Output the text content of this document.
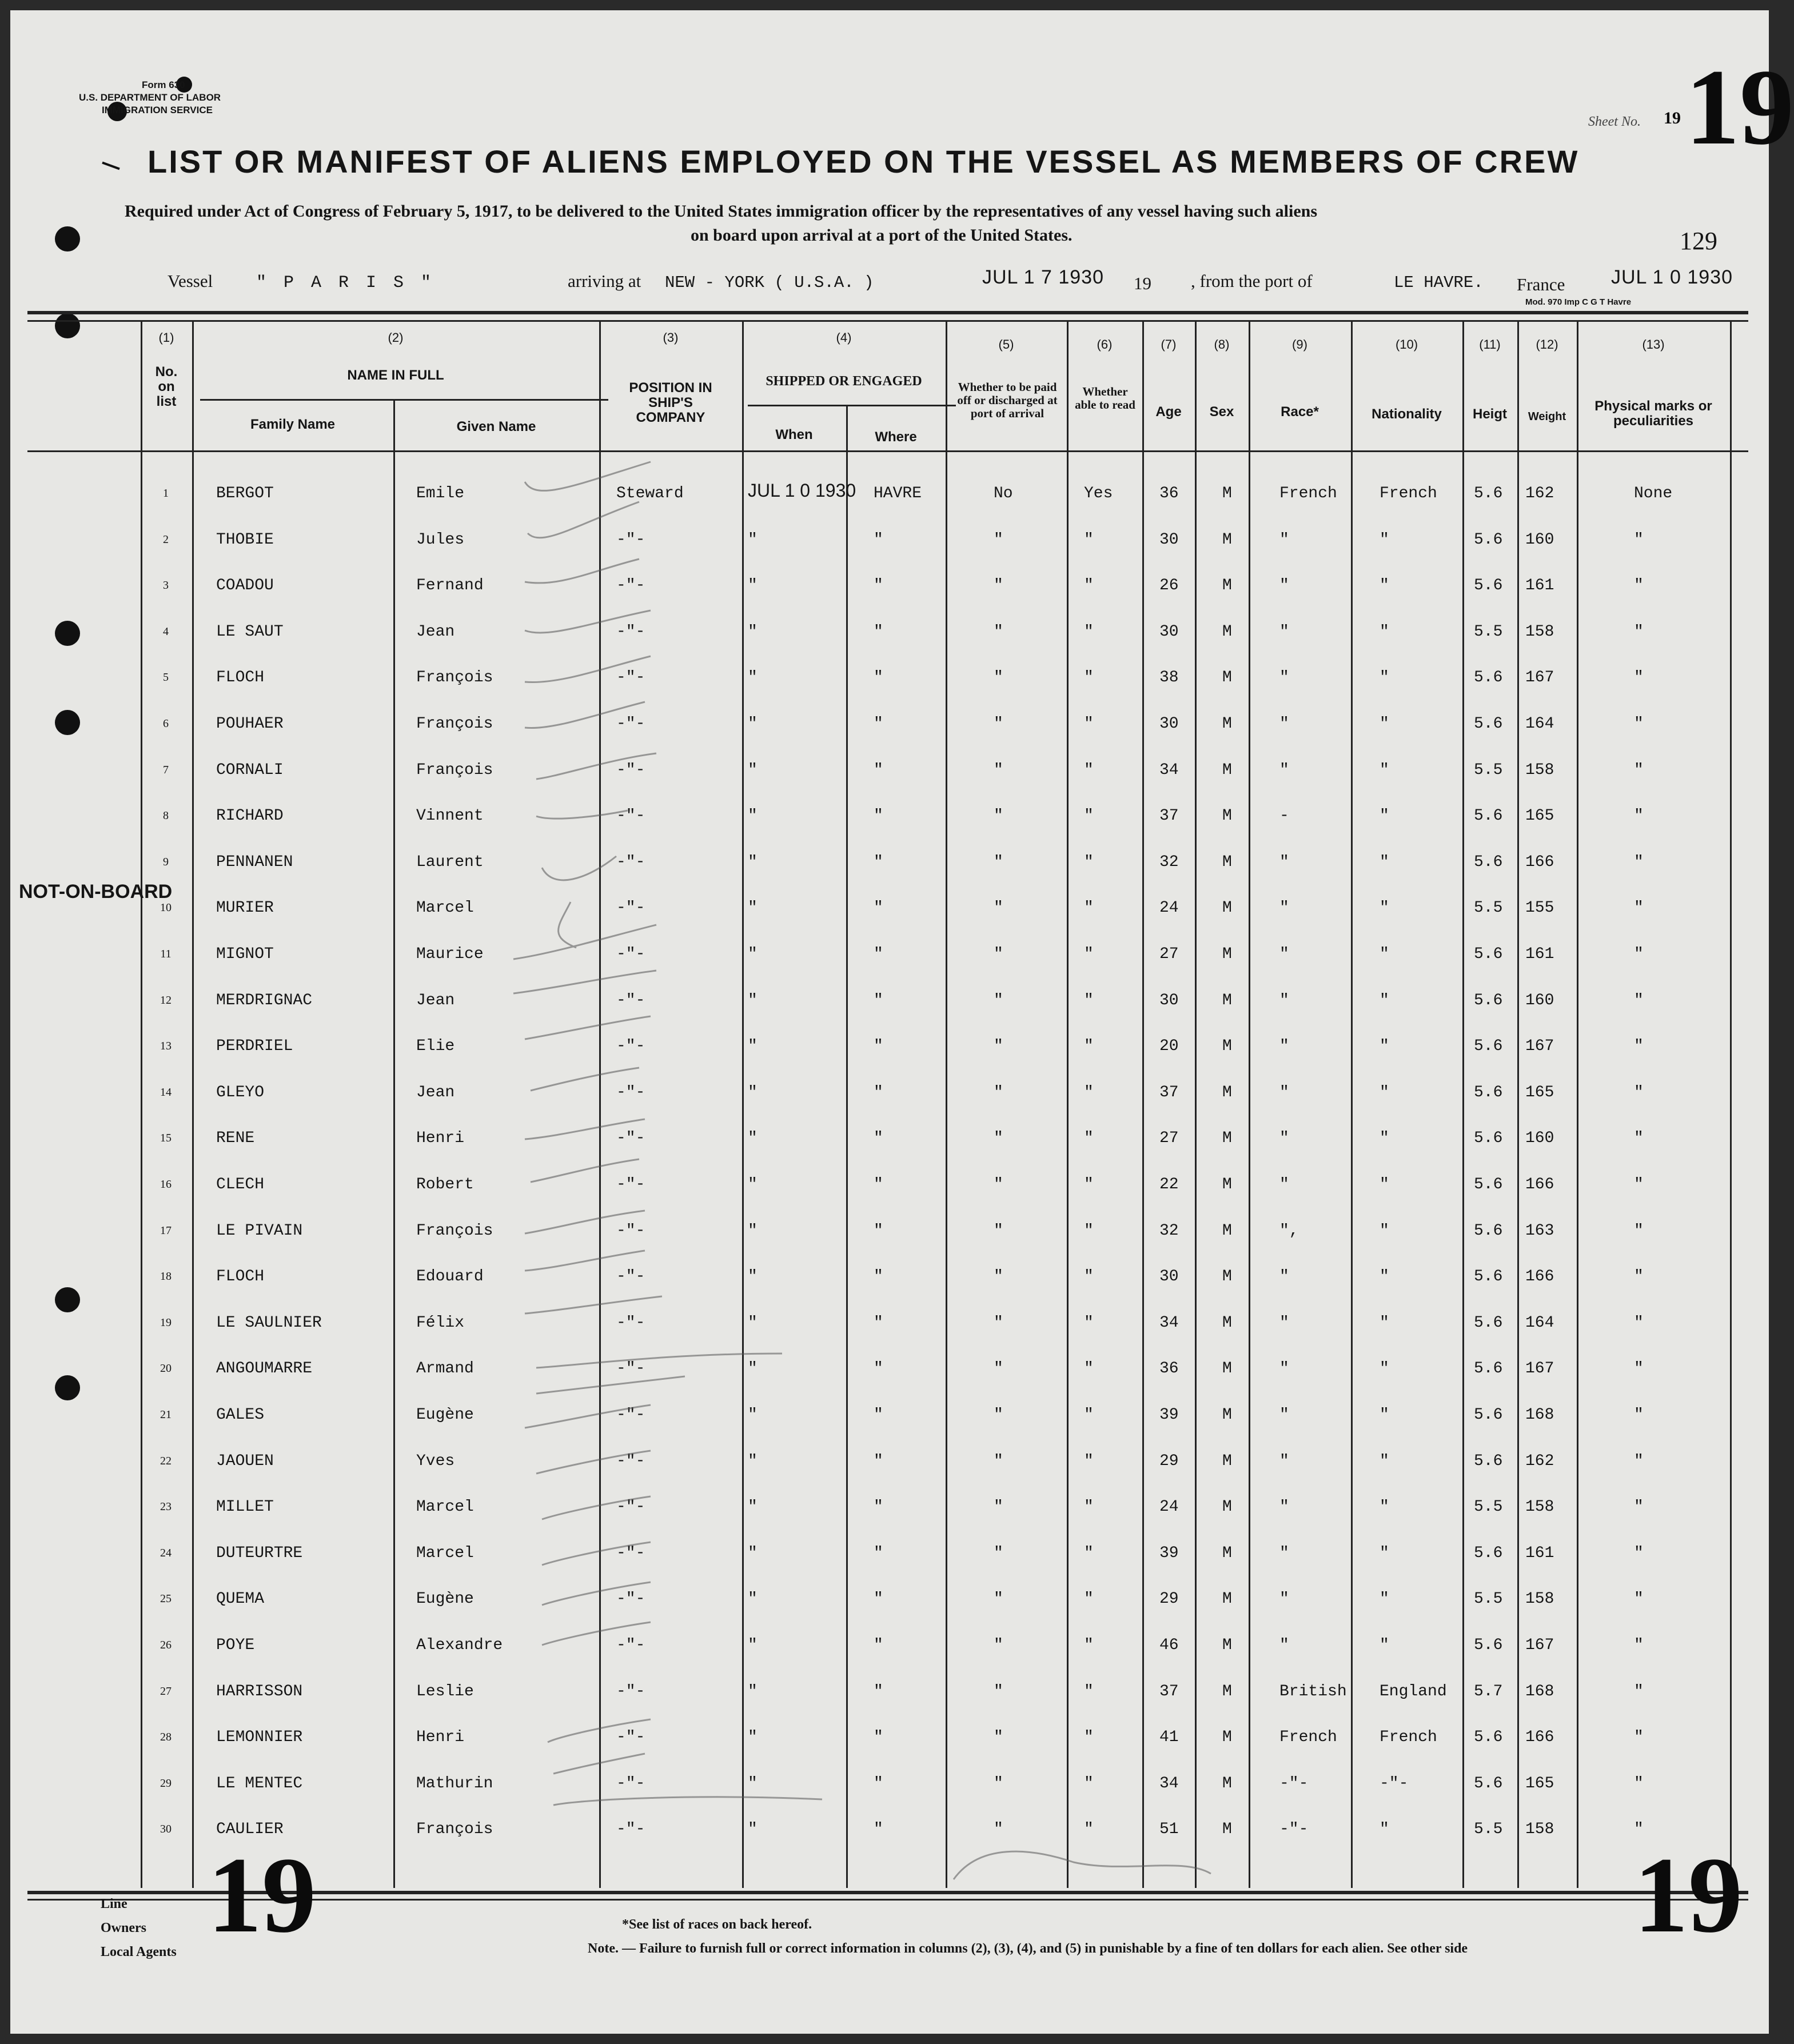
Form 630
U.S. DEPARTMENT OF LABOR
IMMIGRATION SERVICE
Sheet No. 19 19
LIST OR MANIFEST OF ALIENS EMPLOYED ON THE VESSEL AS MEMBERS OF CREW
Required under Act of Congress of February 5, 1917, to be delivered to the United States immigration officer by the representatives of any vessel having such aliens
on board upon arrival at a port of the United States.	129
Vessel	" P A R I S "	arriving at NEW - YORK ( U.S.A. )	JUL 1 7 1930 19 , from the port of	LE HAVRE. France JUL 1 0 1930
Mod. 970 Imp C G T Havre
(1)
No. on list
(2)
NAME IN FULL
Family Name	Given Name
(3)
POSITION IN SHIP'S COMPANY
(4)
SHIPPED OR ENGAGED
When	Where
(5)
Whether to be paid off or discharged at port of arrival
(6)
Whether able to read
(7)
Age
(8)
Sex
(9)
Race*
(10)
Nationality
(11)
Heigt
(12)
Weight
(13)
Physical marks or peculiarities
1	BERGOT	Emile	Steward	JUL 1 0 1930 HAVRE	No	Yes	36	M	French	French 5.6 162	None
2	THOBIE	Jules	-"-	"	"	"	"	30	M	"	"	5.6 160	"
3	COADOU	Fernand	-"-	"	"	"	"	26	M	"	"	5.6 161	"
4	LE SAUT	Jean	-"-	"	"	"	"	30	M	"	"	5.5 158	"
5	FLOCH	François	-"-	"	"	"	"	38	M	"	"	5.6 167	"
6	POUHAER	François	-"-	"	"	"	"	30	M	"	"	5.6 164	"
7	CORNALI	François	-"-	"	"	"	"	34	M	"	"	5.5 158	"
8	RICHARD	Vinnent	-"-	"	"	"	"	37	M	-	"	5.6 165	"
9	PENNANEN	Laurent	-"-	"	"	"	"	32	M	"	"	5.6 166	"
10	MURIER	Marcel	-"-	"	"	"	"	24	M	"	"	5.5 155	"
NOT-ON-BOARD
11	MIGNOT	Maurice	-"-	"	"	"	"	27	M	"	"	5.6 161	"
12	MERDRIGNAC	Jean	-"-	"	"	"	"	30	M	"	"	5.6 160	"
13	PERDRIEL	Elie	-"-	"	"	"	"	20	M	"	"	5.6 167	"
14	GLEYO	Jean	-"-	"	"	"	"	37	M	"	"	5.6 165	"
15	RENE	Henri	-"-	"	"	"	"	27	M	"	"	5.6 160	"
16	CLECH	Robert	-"-	"	"	"	"	22	M	"	"	5.6 166	"
17	LE PIVAIN	François	-"-	"	"	"	"	32	M	",	"	5.6 163	"
18	FLOCH	Edouard	-"-	"	"	"	"	30	M	"	"	5.6 166	"
19	LE SAULNIER	Félix	-"-	"	"	"	"	34	M	"	"	5.6 164	"
20	ANGOUMARRE	Armand	-"-	"	"	"	"	36	M	"	"	5.6 167	"
21	GALES	Eugène	-"-	"	"	"	"	39	M	"	"	5.6 168	"
22	JAOUEN	Yves	-"-	"	"	"	"	29	M	"	"	5.6 162	"
23	MILLET	Marcel	-"-	"	"	"	"	24	M	"	"	5.5 158	"
24	DUTEURTRE	Marcel	-"-	"	"	"	"	39	M	"	"	5.6 161	"
25	QUEMA	Eugène	-"-	"	"	"	"	29	M	"	"	5.5 158	"
26	POYE	Alexandre	-"-	"	"	"	"	46	M	"	"	5.6 167	"
27	HARRISSON	Leslie	-"-	"	"	"	"	37	M	British England 5.7 168	"
28	LEMONNIER	Henri	-"-	"	"	"	"	41	M	French	French 5.6 166	"
29	LE MENTEC	Mathurin	-"-	"	"	"	"	34	M	-"-	-"-	5.6 165	"
30	CAULIER	François	-"-	"	"	"	"	51	M	-"-	"	5.5 158	"
19	19
Line
Owners
Local Agents
*See list of races on back hereof.
Note. — Failure to furnish full or correct information in columns (2), (3), (4), and (5) in punishable by a fine of ten dollars for each alien. See other side
